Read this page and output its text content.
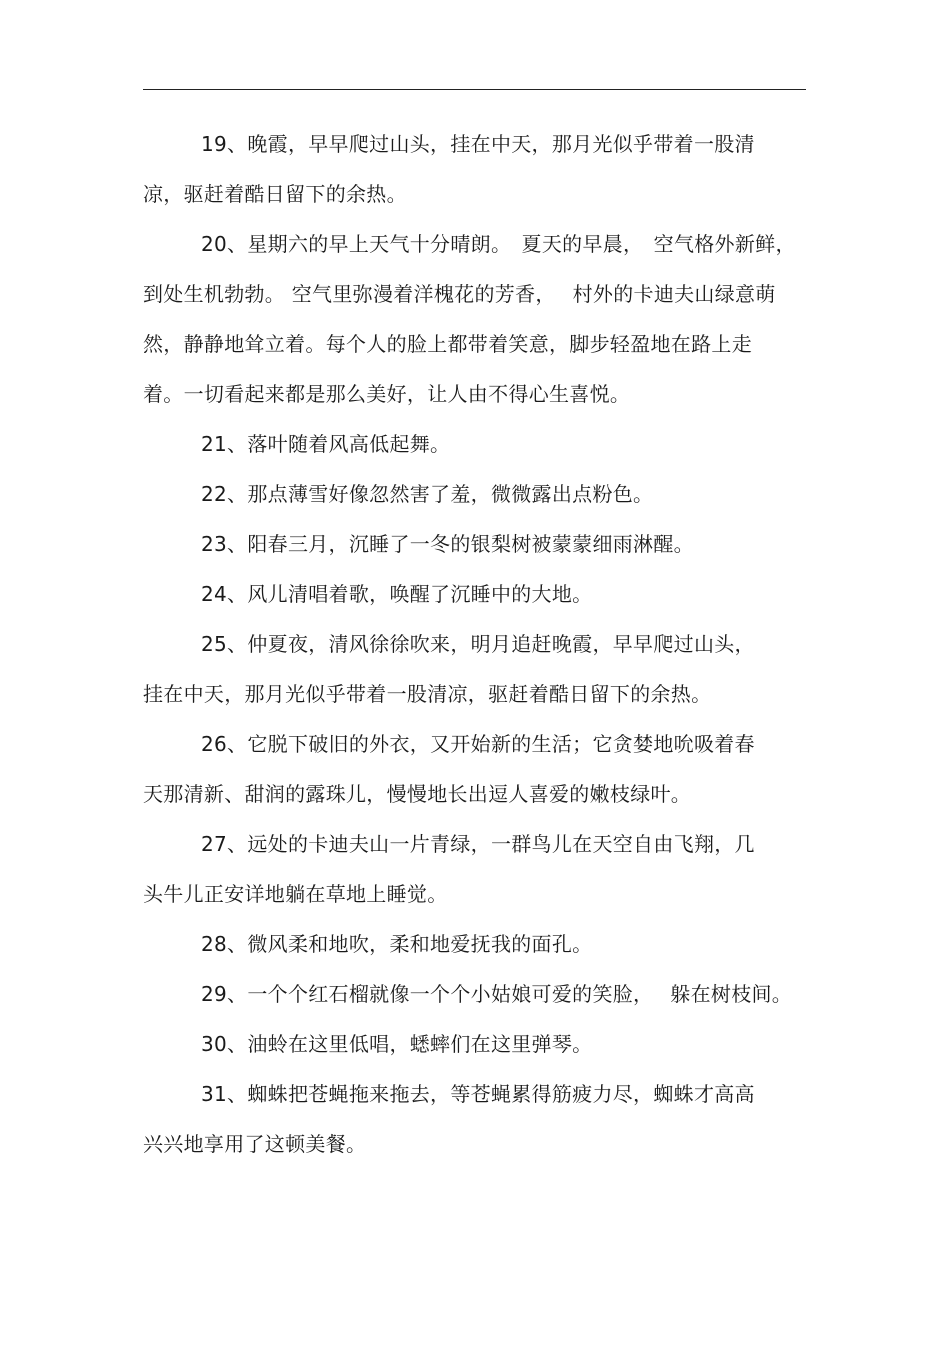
19、晚霞，早早爬过山头，挂在中天，那月光似乎带着一股清
凉，驱赶着酷日留下的余热。
20、星期六的早上天气十分晴朗。　夏天的早晨，　空气格外新鲜，
到处生机勃勃。 空气里弥漫着洋槐花的芳香，　 村外的卡迪夫山绿意萌
然，静静地耸立着。每个人的脸上都带着笑意，脚步轻盈地在路上走
着。一切看起来都是那么美好，让人由不得心生喜悦。
21、落叶随着风高低起舞。
22、那点薄雪好像忽然害了羞，微微露出点粉色。
23、阳春三月，沉睡了一冬的银梨树被蒙蒙细雨淋醒。
24、风儿清唱着歌，唤醒了沉睡中的大地。
25、仲夏夜，清风徐徐吹来，明月追赶晚霞，早早爬过山头，
挂在中天，那月光似乎带着一股清凉，驱赶着酷日留下的余热。
26、它脱下破旧的外衣，又开始新的生活；它贪婪地吮吸着春
天那清新、甜润的露珠儿，慢慢地长出逗人喜爱的嫩枝绿叶。
27、远处的卡迪夫山一片青绿，一群鸟儿在天空自由飞翔，几
头牛儿正安详地躺在草地上睡觉。
28、微风柔和地吹，柔和地爱抚我的面孔。
29、一个个红石榴就像一个个小姑娘可爱的笑脸，　 躲在树枝间。
30、油蛉在这里低唱，蟋蟀们在这里弹琴。
31、蜘蛛把苍蝇拖来拖去，等苍蝇累得筋疲力尽，蜘蛛才高高
兴兴地享用了这顿美餐。
